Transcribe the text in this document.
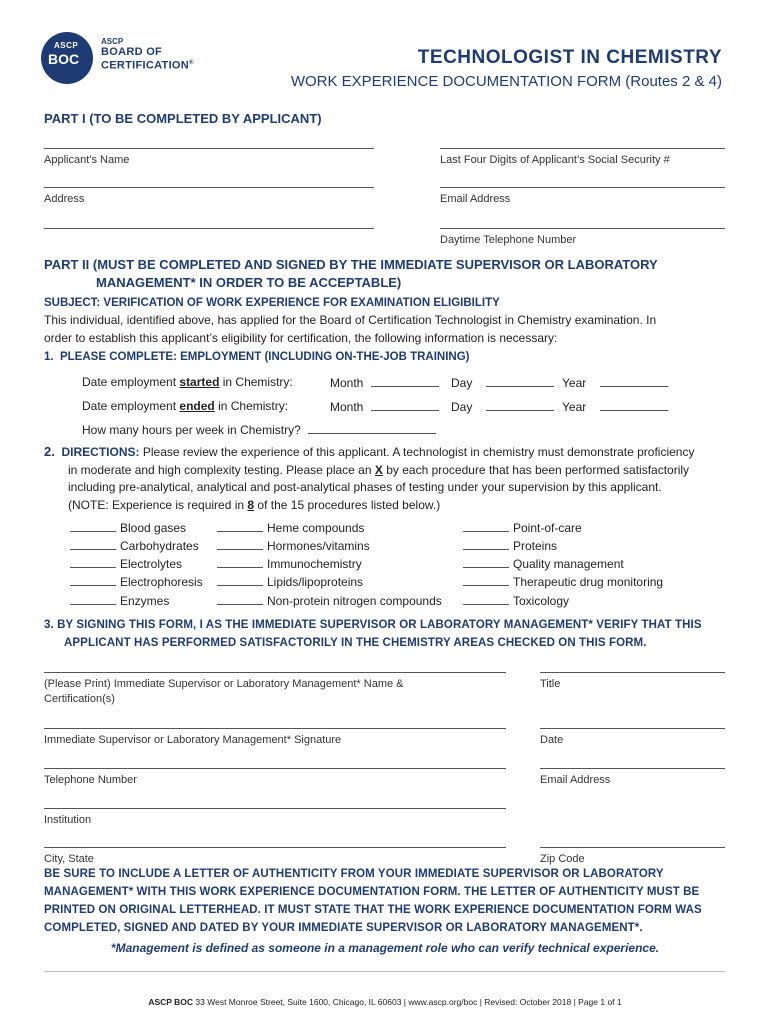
ASCP
BOC
ASCP
BOARD OF
CERTIFICATION®	TECHNOLOGIST IN CHEMISTRY
WORK EXPERIENCE DOCUMENTATION FORM (Routes 2 & 4)
PART I (TO BE COMPLETED BY APPLICANT)
Applicant’s Name	Last Four Digits of Applicant’s Social Security #
Address	Email Address
Daytime Telephone Number
PART II (MUST BE COMPLETED AND SIGNED BY THE IMMEDIATE SUPERVISOR OR LABORATORY
MANAGEMENT* IN ORDER TO BE ACCEPTABLE)
SUBJECT: VERIFICATION OF WORK EXPERIENCE FOR EXAMINATION ELIGIBILITY
This individual, identified above, has applied for the Board of Certification Technologist in Chemistry examination. In
order to establish this applicant’s eligibility for certification, the following information is necessary:
1. PLEASE COMPLETE: EMPLOYMENT (INCLUDING ON-THE-JOB TRAINING)
Date employment started in Chemistry:	Month	Day	Year
Date employment ended in Chemistry:	Month	Day	Year
How many hours per week in Chemistry?
2. DIRECTIONS: Please review the experience of this applicant. A technologist in chemistry must demonstrate proficiency
in moderate and high complexity testing. Please place an X by each procedure that has been performed satisfactorily
including pre-analytical, analytical and post-analytical phases of testing under your supervision by this applicant.
(NOTE: Experience is required in 8 of the 15 procedures listed below.)
Blood gases
Carbohydrates
Electrolytes
Electrophoresis
Enzymes
Heme compounds
Hormones/vitamins
Immunochemistry
Lipids/lipoproteins
Non-protein nitrogen compounds
Point-of-care
Proteins
Quality management
Therapeutic drug monitoring
Toxicology
3. BY SIGNING THIS FORM, I AS THE IMMEDIATE SUPERVISOR OR LABORATORY MANAGEMENT* VERIFY THAT THIS
APPLICANT HAS PERFORMED SATISFACTORILY IN THE CHEMISTRY AREAS CHECKED ON THIS FORM.
(Please Print) Immediate Supervisor or Laboratory Management* Name &
Certification(s)
Title
Immediate Supervisor or Laboratory Management* Signature	Date
Telephone Number	Email Address
Institution
City, State	Zip Code
BE SURE TO INCLUDE A LETTER OF AUTHENTICITY FROM YOUR IMMEDIATE SUPERVISOR OR LABORATORY
MANAGEMENT* WITH THIS WORK EXPERIENCE DOCUMENTATION FORM. THE LETTER OF AUTHENTICITY MUST BE
PRINTED ON ORIGINAL LETTERHEAD. IT MUST STATE THAT THE WORK EXPERIENCE DOCUMENTATION FORM WAS
COMPLETED, SIGNED AND DATED BY YOUR IMMEDIATE SUPERVISOR OR LABORATORY MANAGEMENT*.
*Management is defined as someone in a management role who can verify technical experience.
ASCP BOC 33 West Monroe Street, Suite 1600, Chicago, IL 60603 | www.ascp.org/boc | Revised: October 2018 | Page 1 of 1
